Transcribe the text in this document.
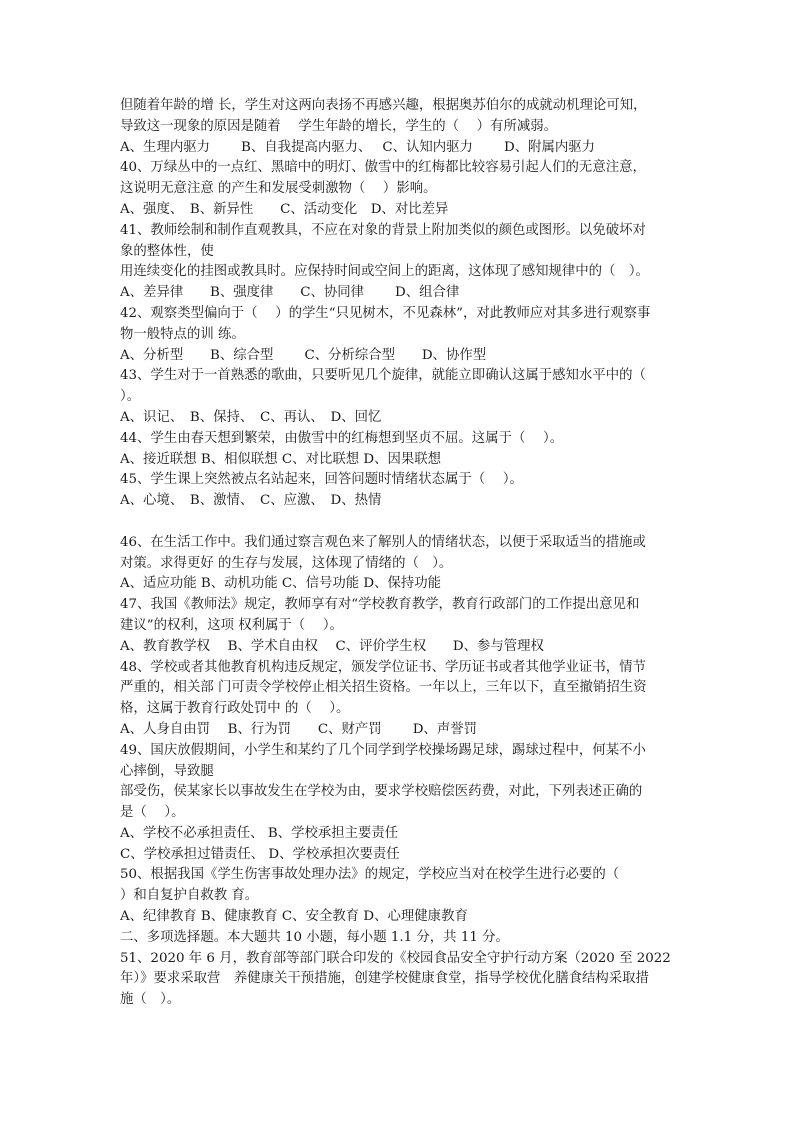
但随着年龄的增 长，学生对这两向表扬不再感兴趣，根据奥苏伯尔的成就动机理论可知，
导致这一现象的原因是随着　 学生年龄的增长，学生的（　 ）有所减弱。
A、生理内驱力　　 B、自我提高内驱力、　 C、认知内驱力　　 D、附属内驱力
40、万绿丛中的一点红、黑暗中的明灯、傲雪中的红梅都比较容易引起人们的无意注意，
这说明无意注意 的产生和发展受刺激物（　 ）影响。
A、强度、　B、新异性　　C、活动变化　D、对比差异
41、教师绘制和制作直观教具，不应在对象的背景上附加类似的颜色或图形。以免破坏对
象的整体性，使
用连续变化的挂图或教具时。应保持时间或空间上的距离，这体现了感知规律中的（　）。
A、差异律　　B、强度律　　C、协同律　　 D、组合律
42、观察类型偏向于（　 ）的学生“只见树木，不见森林”，对此教师应对其多进行观察事
物一般特点的训 练。
A、分析型　　B、综合型　　 C、分析综合型　　D、协作型
43、学生对于一首熟悉的歌曲，只要听见几个旋律，就能立即确认这属于感知水平中的（
）。
A、识记、　B、保持、　C、再认、　D、回忆
44、学生由春天想到繁荣，由傲雪中的红梅想到坚贞不屈。这属于（　 ）。
A、接近联想 B、相似联想 C、对比联想 D、因果联想
45、学生课上突然被点名站起来，回答问题时情绪状态属于（　 ）。
A、心境、　B、激情、　C、应激、　D、热情
46、在生活工作中。我们通过察言观色来了解别人的情绪状态，以便于采取适当的措施或
对策。求得更好 的生存与发展，这体现了情绪的（　）。
A、适应功能 B、动机功能 C、信号功能 D、保持功能
47、我国《教师法》规定，教师享有对“学校教育教学，教育行政部门的工作提出意见和
建议”的权利，这项 权利属于（　 ）。
A、教育教学权　 B、学术自由权　 C、评价学生权　　D、参与管理权
48、学校或者其他教育机构违反规定，颁发学位证书、学历证书或者其他学业证书，情节
严重的，相关部 门可责令学校停止相关招生资格。一年以上，三年以下，直至撤销招生资
格，这属于教育行政处罚中 的（　 ）。
A、人身自由罚　 B、行为罚　　C、财产罚　　 D、声誉罚
49、国庆放假期间，小学生和某约了几个同学到学校操场踢足球，踢球过程中，何某不小
心摔倒，导致腿
部受伤，侯某家长以事故发生在学校为由，要求学校赔偿医药费，对此，下列表述正确的
是（　 ）。
A、学校不必承担责任、 B、学校承担主要责任
C、学校承担过错责任、 D、学校承担次要责任
50、根据我国《学生伤害事故处理办法》的规定，学校应当对在校学生进行必要的（
）和自复护自救教 育。
A、纪律教育 B、健康教育 C、安全教育 D、心理健康教育
二、多项选择题。本大题共 10 小题，每小题 1.1 分，共 11 分。
51、2020 年 6 月，教育部等部门联合印发的《校园食品安全守护行动方案（2020 至 2022
年）》要求采取营　养健康关干预措施，创建学校健康食堂，指导学校优化膳食结构采取措
施（　）。
